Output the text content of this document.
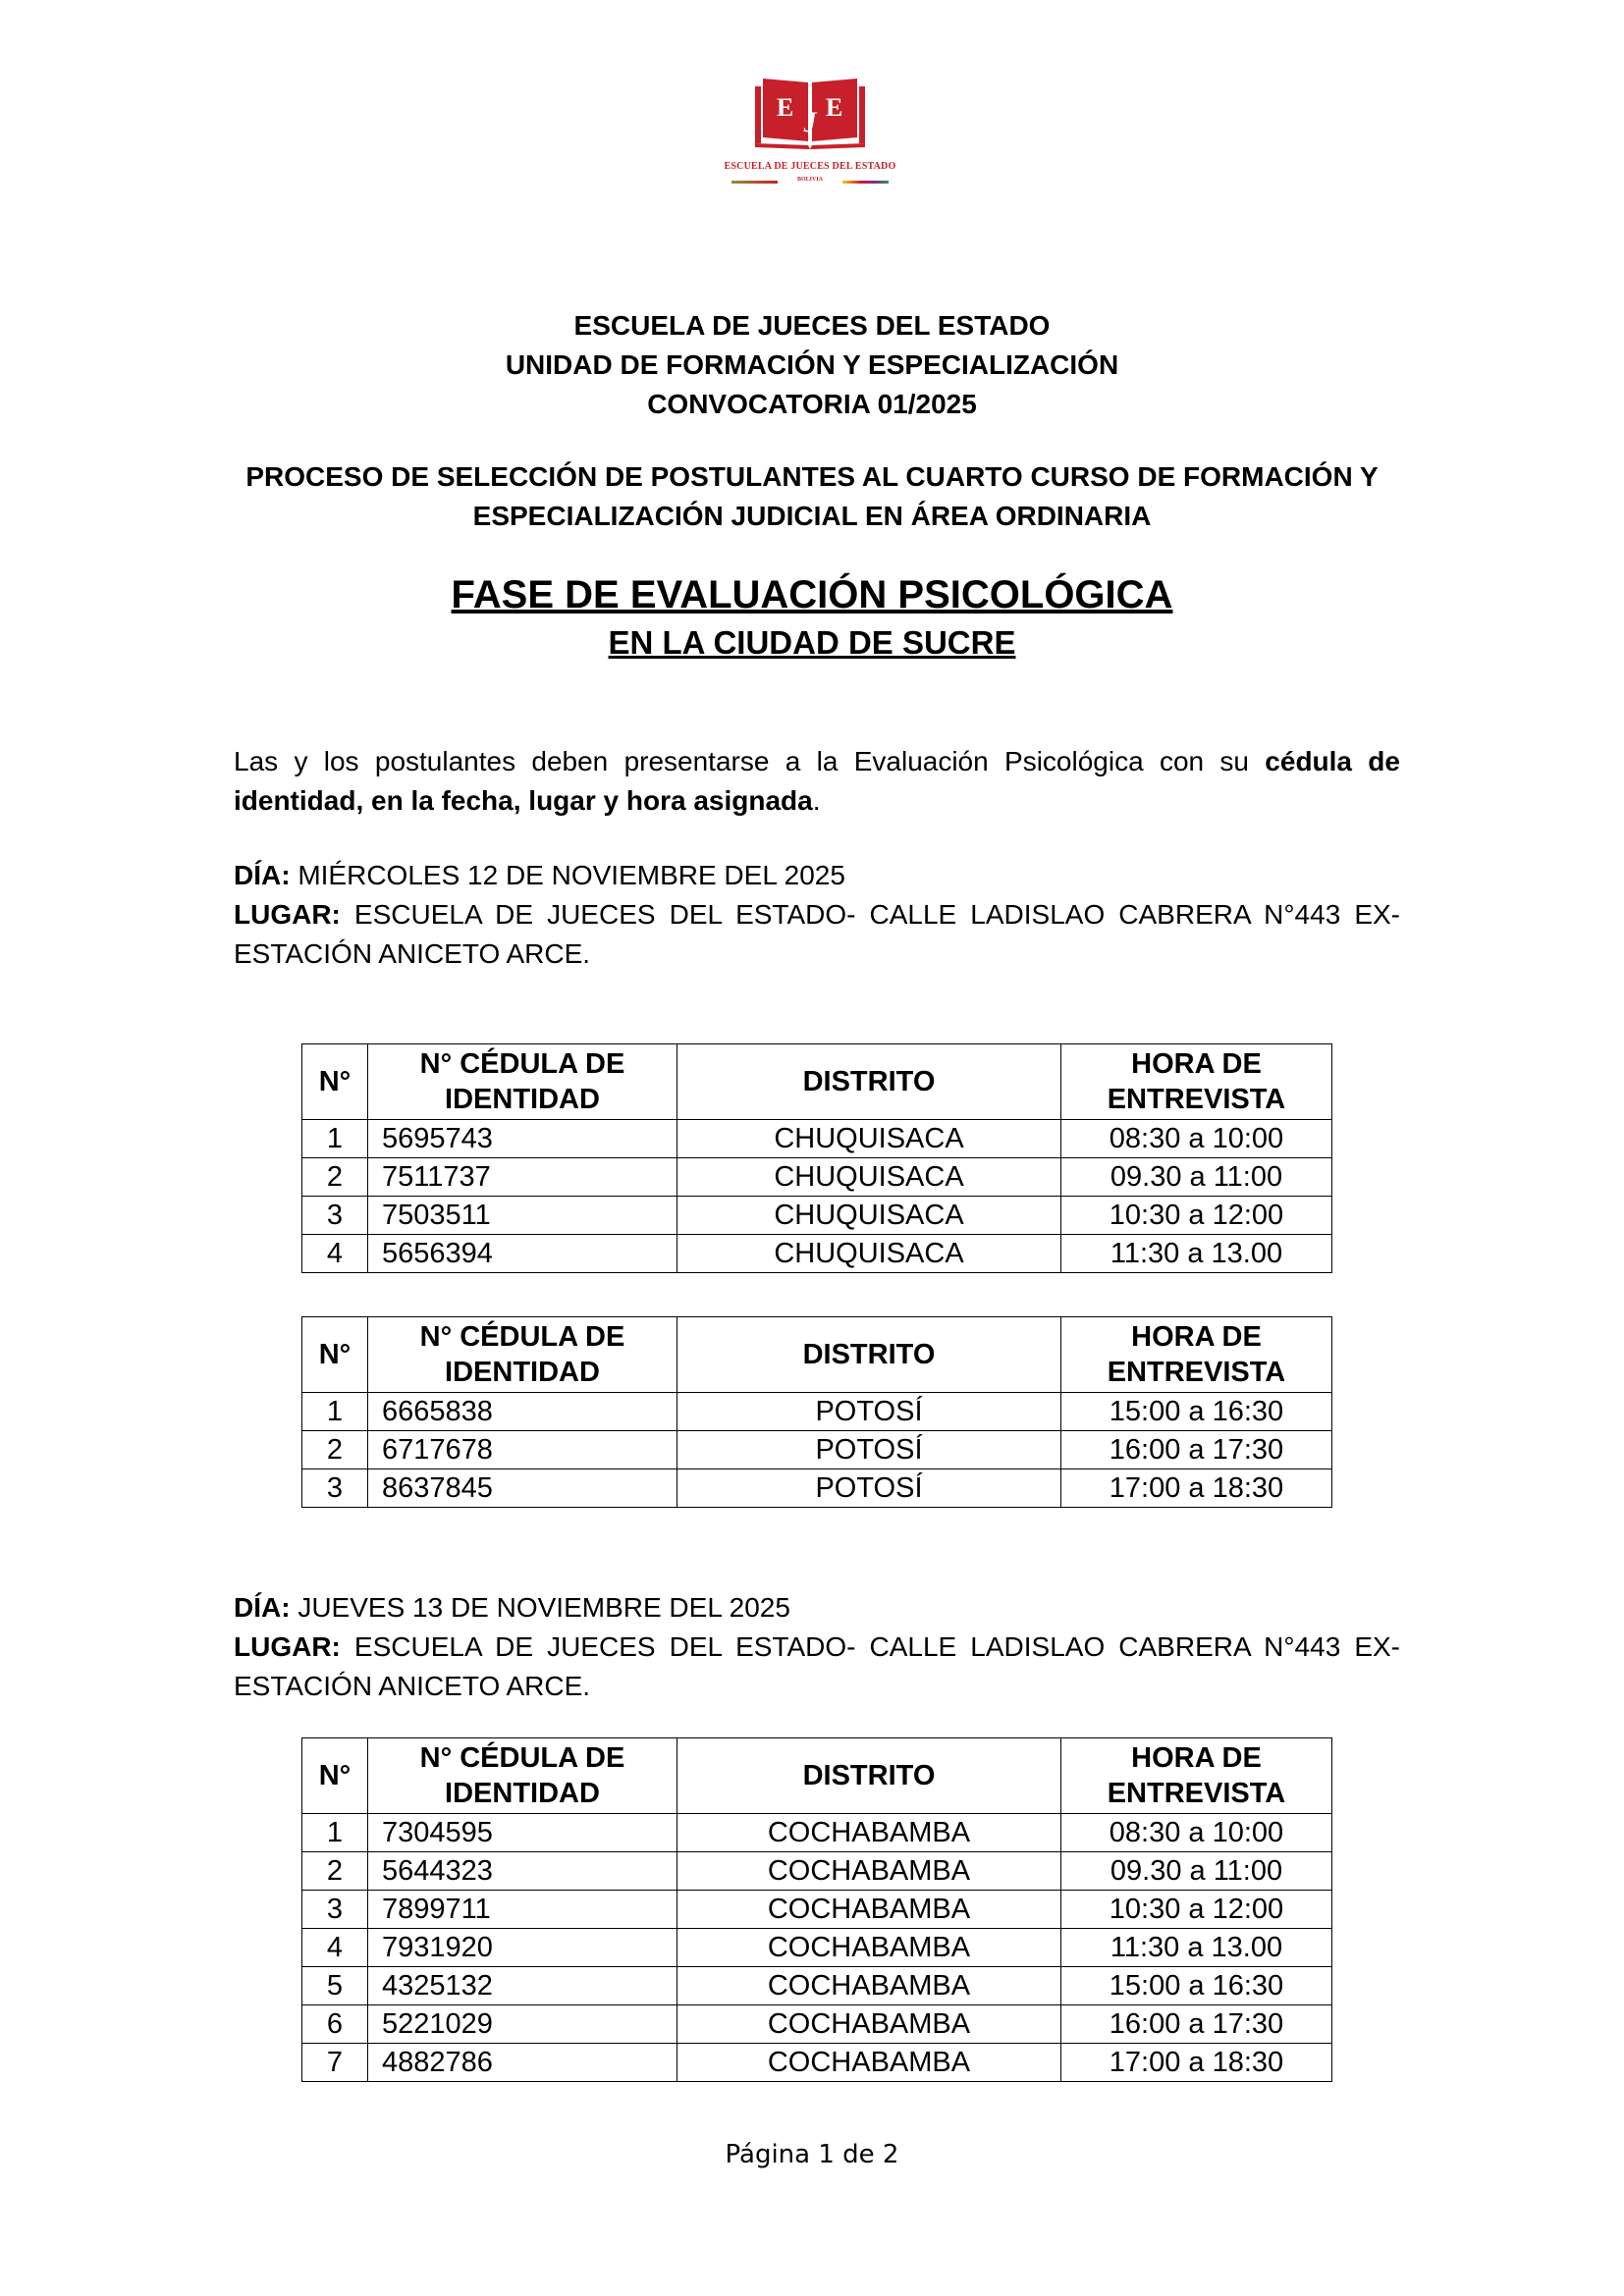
E E
J
ESCUELA DE JUECES DEL ESTADO
BOLIVIA
ESCUELA DE JUECES DEL ESTADO
UNIDAD DE FORMACIÓN Y ESPECIALIZACIÓN
CONVOCATORIA 01/2025
PROCESO DE SELECCIÓN DE POSTULANTES AL CUARTO CURSO DE FORMACIÓN Y
ESPECIALIZACIÓN JUDICIAL EN ÁREA ORDINARIA
FASE DE EVALUACIÓN PSICOLÓGICA
EN LA CIUDAD DE SUCRE
Las y los postulantes deben presentarse a la Evaluación Psicológica con su cédula de identidad, en la fecha, lugar y hora asignada.
DÍA: MIÉRCOLES 12 DE NOVIEMBRE DEL 2025
LUGAR: ESCUELA DE JUECES DEL ESTADO- CALLE LADISLAO CABRERA N°443 EX-ESTACIÓN ANICETO ARCE.
N°	N° CÉDULA DE IDENTIDAD	DISTRITO	HORA DE ENTREVISTA
1	5695743	CHUQUISACA	08:30 a 10:00
2	7511737	CHUQUISACA	09.30 a 11:00
3	7503511	CHUQUISACA	10:30 a 12:00
4	5656394	CHUQUISACA	11:30 a 13.00
N°	N° CÉDULA DE IDENTIDAD	DISTRITO	HORA DE ENTREVISTA
1	6665838	POTOSÍ	15:00 a 16:30
2	6717678	POTOSÍ	16:00 a 17:30
3	8637845	POTOSÍ	17:00 a 18:30
DÍA: JUEVES 13 DE NOVIEMBRE DEL 2025
LUGAR: ESCUELA DE JUECES DEL ESTADO- CALLE LADISLAO CABRERA N°443 EX-ESTACIÓN ANICETO ARCE.
N°	N° CÉDULA DE IDENTIDAD	DISTRITO	HORA DE ENTREVISTA
1	7304595	COCHABAMBA	08:30 a 10:00
2	5644323	COCHABAMBA	09.30 a 11:00
3	7899711	COCHABAMBA	10:30 a 12:00
4	7931920	COCHABAMBA	11:30 a 13.00
5	4325132	COCHABAMBA	15:00 a 16:30
6	5221029	COCHABAMBA	16:00 a 17:30
7	4882786	COCHABAMBA	17:00 a 18:30
Página 1 de 2
